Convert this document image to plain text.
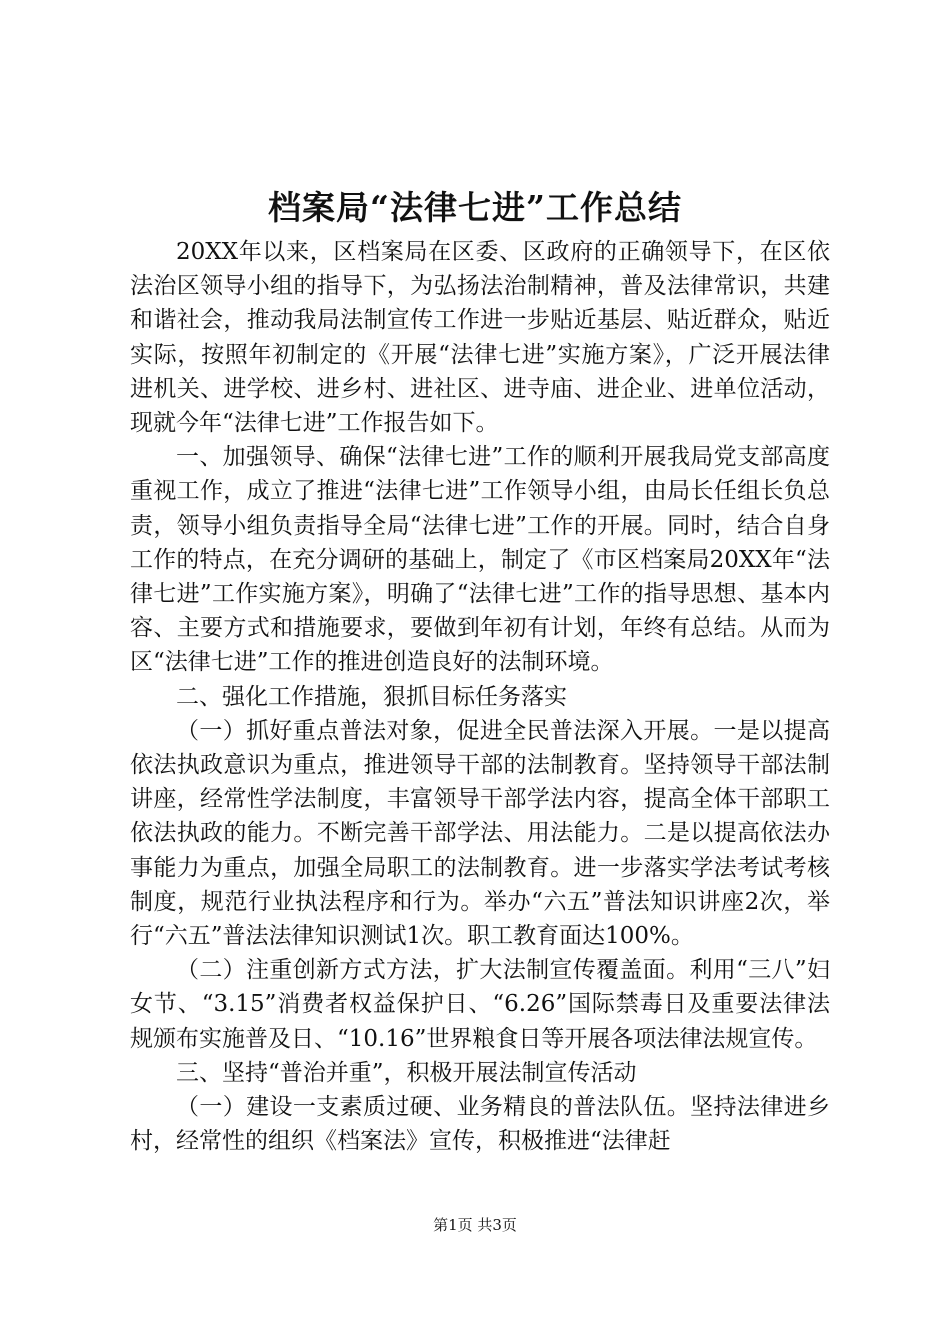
档案局“法律七进”工作总结

20XX年以来，区档案局在区委、区政府的正确领导下，在区依法治区领导小组的指导下，为弘扬法治制精神，普及法律常识，共建和谐社会，推动我局法制宣传工作进一步贴近基层、贴近群众，贴近实际，按照年初制定的《开展“法律七进”实施方案》，广泛开展法律进机关、进学校、进乡村、进社区、进寺庙、进企业、进单位活动，现就今年“法律七进”工作报告如下。

一、加强领导、确保“法律七进”工作的顺利开展我局党支部高度重视工作，成立了推进“法律七进”工作领导小组，由局长任组长负总责，领导小组负责指导全局“法律七进”工作的开展。同时，结合自身工作的特点，在充分调研的基础上，制定了《市区档案局20XX年“法律七进”工作实施方案》，明确了“法律七进”工作的指导思想、基本内容、主要方式和措施要求，要做到年初有计划，年终有总结。从而为区“法律七进”工作的推进创造良好的法制环境。

二、强化工作措施，狠抓目标任务落实

（一）抓好重点普法对象，促进全民普法深入开展。一是以提高依法执政意识为重点，推进领导干部的法制教育。坚持领导干部法制讲座，经常性学法制度，丰富领导干部学法内容，提高全体干部职工依法执政的能力。不断完善干部学法、用法能力。二是以提高依法办事能力为重点，加强全局职工的法制教育。进一步落实学法考试考核制度，规范行业执法程序和行为。举办“六五”普法知识讲座2次，举行“六五”普法法律知识测试1次。职工教育面达100%。

（二）注重创新方式方法，扩大法制宣传覆盖面。利用“三八”妇女节、“3.15”消费者权益保护日、“6.26”国际禁毒日及重要法律法规颁布实施普及日、“10.16”世界粮食日等开展各项法律法规宣传。

三、坚持“普治并重”，积极开展法制宣传活动

（一）建设一支素质过硬、业务精良的普法队伍。坚持法律进乡村，经常性的组织《档案法》宣传，积极推进“法律赶

第1页 共3页
